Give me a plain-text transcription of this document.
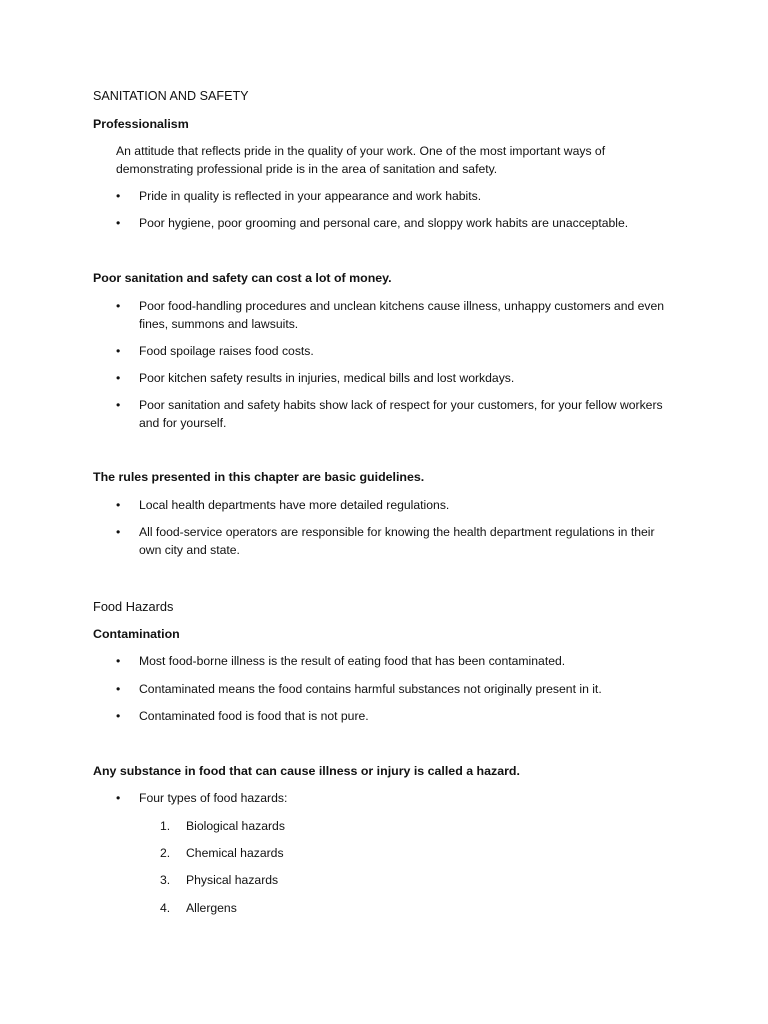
SANITATION AND SAFETY
Professionalism
An attitude that reflects pride in the quality of your work. One of the most important ways of demonstrating professional pride is in the area of sanitation and safety.
•	Pride in quality is reflected in your appearance and work habits.
•	Poor hygiene, poor grooming and personal care, and sloppy work habits are unacceptable.
Poor sanitation and safety can cost a lot of money.
•	Poor food-handling procedures and unclean kitchens cause illness, unhappy customers and even fines, summons and lawsuits.
•	Food spoilage raises food costs.
•	Poor kitchen safety results in injuries, medical bills and lost workdays.
•	Poor sanitation and safety habits show lack of respect for your customers, for your fellow workers and for yourself.
The rules presented in this chapter are basic guidelines.
•	Local health departments have more detailed regulations.
•	All food-service operators are responsible for knowing the health department regulations in their own city and state.
Food Hazards
Contamination
•	Most food-borne illness is the result of eating food that has been contaminated.
•	Contaminated means the food contains harmful substances not originally present in it.
•	Contaminated food is food that is not pure.
Any substance in food that can cause illness or injury is called a hazard.
•	Four types of food hazards:
1.	Biological hazards
2.	Chemical hazards
3.	Physical hazards
4.	Allergens
